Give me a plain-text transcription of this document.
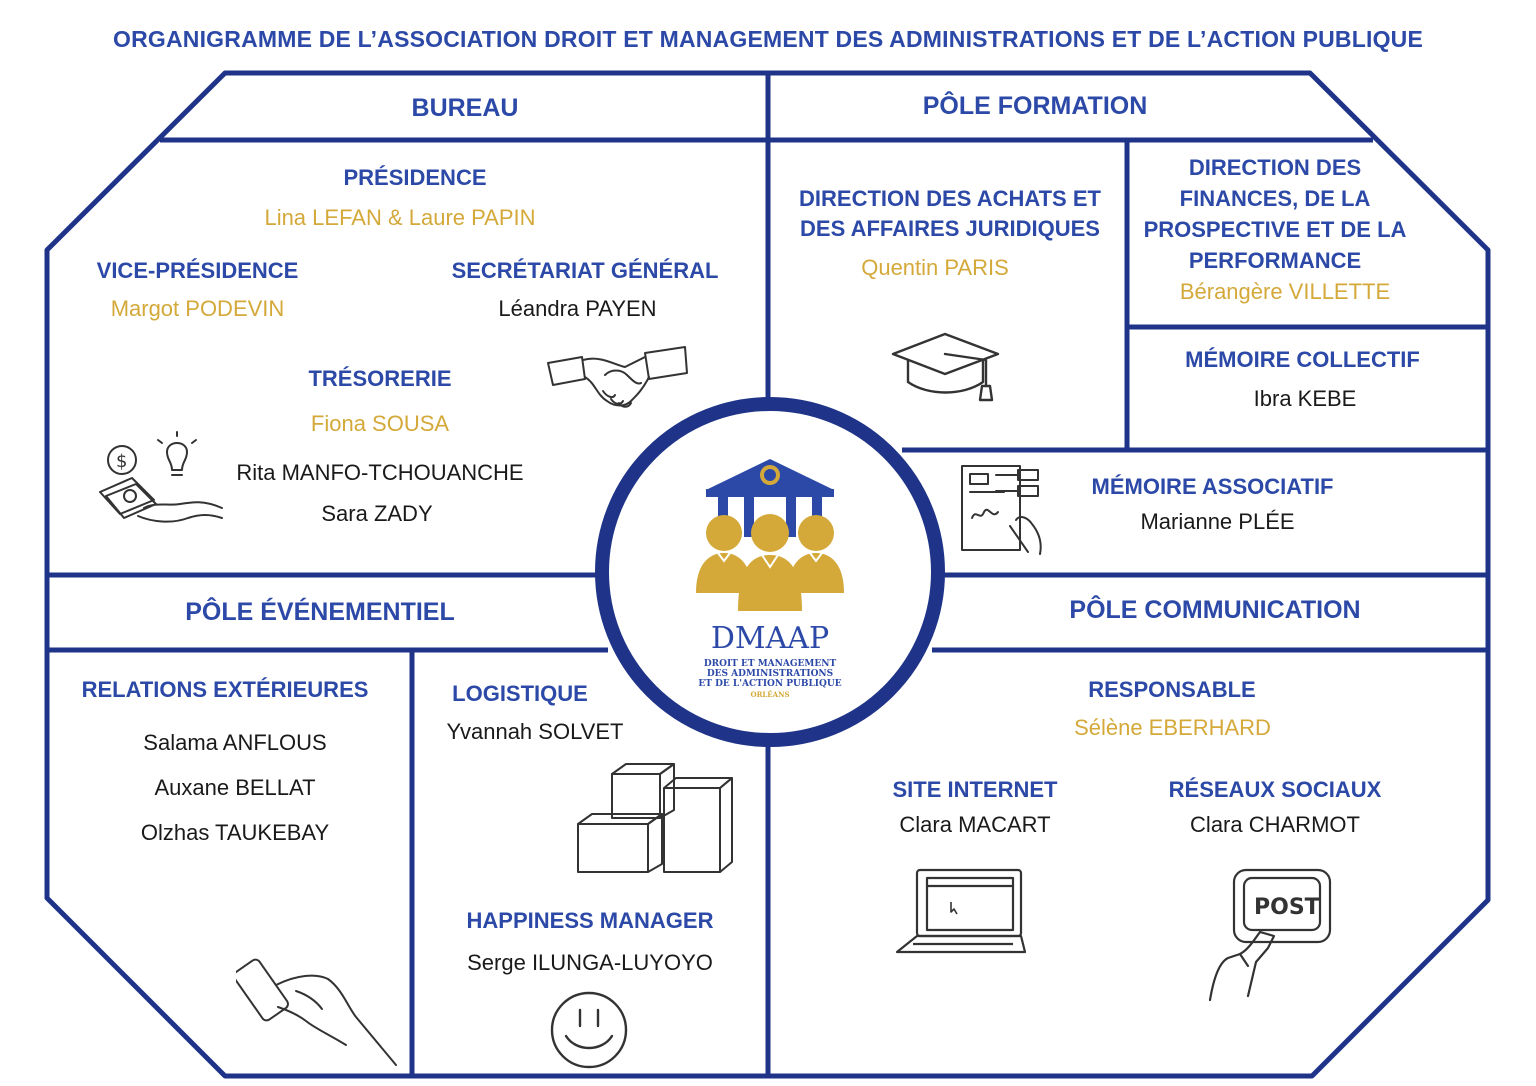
ORGANIGRAMME DE L’ASSOCIATION DROIT ET MANAGEMENT DES ADMINISTRATIONS ET DE L’ACTION PUBLIQUE
BUREAU	PÔLE FORMATION
PÔLE ÉVÉNEMENTIEL	PÔLE COMMUNICATION
PRÉSIDENCE
Lina LEFAN & Laure PAPIN
VICE-PRÉSIDENCE
Margot PODEVIN
SECRÉTARIAT GÉNÉRAL
Léandra PAYEN
TRÉSORERIE
Fiona SOUSA
Rita MANFO-TCHOUANCHE
Sara ZADY
$
DIRECTION DES ACHATS ET
DES AFFAIRES JURIDIQUES
Quentin PARIS
DIRECTION DES
FINANCES, DE LA
PROSPECTIVE ET DE LA
PERFORMANCE
Bérangère VILLETTE
MÉMOIRE COLLECTIF
Ibra KEBE
MÉMOIRE ASSOCIATIF
Marianne PLÉE
RELATIONS EXTÉRIEURES
Salama ANFLOUS
Auxane BELLAT
Olzhas TAUKEBAY
LOGISTIQUE
Yvannah SOLVET
HAPPINESS MANAGER
Serge ILUNGA-LUYOYO
RESPONSABLE
Sélène EBERHARD
SITE INTERNET
Clara MACART
RÉSEAUX SOCIAUX
Clara CHARMOT
POST
DMAAP
DROIT ET MANAGEMENT
DES ADMINISTRATIONS
ET DE L'ACTION PUBLIQUE
ORLÉANS
